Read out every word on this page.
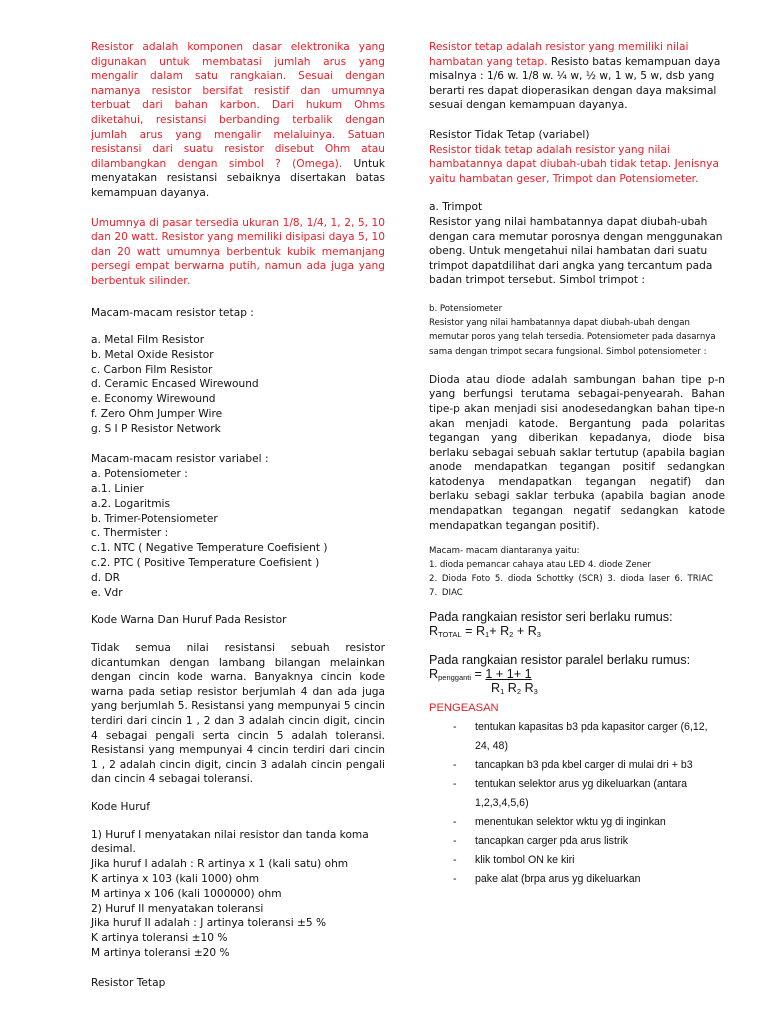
Resistor adalah komponen dasar elektronika yang digunakan untuk membatasi jumlah arus yang mengalir dalam satu rangkaian. Sesuai dengan namanya resistor bersifat resistif dan umumnya terbuat dari bahan karbon. Dari hukum Ohms diketahui, resistansi berbanding terbalik dengan jumlah arus yang mengalir melaluinya. Satuan resistansi dari suatu resistor disebut Ohm atau dilambangkan dengan simbol ? (Omega). Untuk menyatakan resistansi sebaiknya disertakan batas kemampuan dayanya.

Umumnya di pasar tersedia ukuran 1/8, 1/4, 1, 2, 5, 10 dan 20 watt. Resistor yang memiliki disipasi daya 5, 10 dan 20 watt umumnya berbentuk kubik memanjang persegi empat berwarna putih, namun ada juga yang berbentuk silinder.

Macam-macam resistor tetap :

a. Metal Film Resistor
b. Metal Oxide Resistor
c. Carbon Film Resistor
d. Ceramic Encased Wirewound
e. Economy Wirewound
f. Zero Ohm Jumper Wire
g. S I P Resistor Network

Macam-macam resistor variabel :

a. Potensiometer :
a.1. Linier
a.2. Logaritmis
b. Trimer-Potensiometer
c. Thermister :
c.1. NTC ( Negative Temperature Coefisient )
c.2. PTC ( Positive Temperature Coefisient )
d. DR
e. Vdr

Kode Warna Dan Huruf Pada Resistor

Tidak semua nilai resistansi sebuah resistor dicantumkan dengan lambang bilangan melainkan dengan cincin kode warna. Banyaknya cincin kode warna pada setiap resistor berjumlah 4 dan ada juga yang berjumlah 5. Resistansi yang mempunyai 5 cincin terdiri dari cincin 1 , 2 dan 3 adalah cincin digit, cincin 4 sebagai pengali serta cincin 5 adalah toleransi. Resistansi yang mempunyai 4 cincin terdiri dari cincin 1 , 2 adalah cincin digit, cincin 3 adalah cincin pengali dan cincin 4 sebagai toleransi.

Kode Huruf

1) Huruf I menyatakan nilai resistor dan tanda koma desimal.
Jika huruf I adalah : R artinya x 1 (kali satu) ohm
K artinya x 103 (kali 1000) ohm
M artinya x 106 (kali 1000000) ohm
2) Huruf II menyatakan toleransi
Jika huruf II adalah : J artinya toleransi ±5 %
K artinya toleransi ±10 %
M artinya toleransi ±20 %

Resistor Tetap

Resistor tetap adalah resistor yang memiliki nilai hambatan yang tetap. Resisto batas kemampuan daya misalnya : 1/6 w. 1/8 w. ¼ w, ½ w, 1 w, 5 w, dsb yang berarti res dapat dioperasikan dengan daya maksimal sesuai dengan kemampuan dayanya.

Resistor Tidak Tetap (variabel)

Resistor tidak tetap adalah resistor yang nilai hambatannya dapat diubah-ubah tidak tetap. Jenisnya yaitu hambatan geser, Trimpot dan Potensiometer.

a. Trimpot

Resistor yang nilai hambatannya dapat diubah-ubah dengan cara memutar porosnya dengan menggunakan obeng. Untuk mengetahui nilai hambatan dari suatu trimpot dapatdilihat dari angka yang tercantum pada badan trimpot tersebut. Simbol trimpot :

b. Potensiometer

Resistor yang nilai hambatannya dapat diubah-ubah dengan memutar poros yang telah tersedia. Potensiometer pada dasarnya sama dengan trimpot secara fungsional. Simbol potensiometer :

Dioda atau diode adalah sambungan bahan tipe p-n yang berfungsi terutama sebagai-penyearah. Bahan tipe-p akan menjadi sisi anodesedangkan bahan tipe-n akan menjadi katode. Bergantung pada polaritas tegangan yang diberikan kepadanya, diode bisa berlaku sebagai sebuah saklar tertutup (apabila bagian anode mendapatkan tegangan positif sedangkan katodenya mendapatkan tegangan negatif) dan berlaku sebagi saklar terbuka (apabila bagian anode mendapatkan tegangan negatif sedangkan katode mendapatkan tegangan positif).

Macam- macam diantaranya yaitu:

1. dioda pemancar cahaya atau LED 4. diode Zener

2. Dioda Foto 5. dioda Schottky (SCR) 3. dioda laser 6. TRIAC 7. DIAC

Pada rangkaian resistor seri berlaku rumus:

$R_{TOTAL} = R_1+ R_2 + R_3$

Pada rangkaian resistor paralel berlaku rumus:

$R_{pengganti} = 1 + 1+ 1$
$R_1$ $R_2$ $R_3$

PENGEASAN

- tentukan kapasitas b3 pda kapasitor carger (6,12, 24, 48)
- tancapkan b3 pda kbel carger di mulai dri + b3
- tentukan selektor arus yg dikeluarkan (antara 1,2,3,4,5,6)
- menentukan selektor wktu yg di inginkan
- tancapkan carger pda arus listrik
- klik tombol ON ke kiri
- pake alat (brpa arus yg dikeluarkan
